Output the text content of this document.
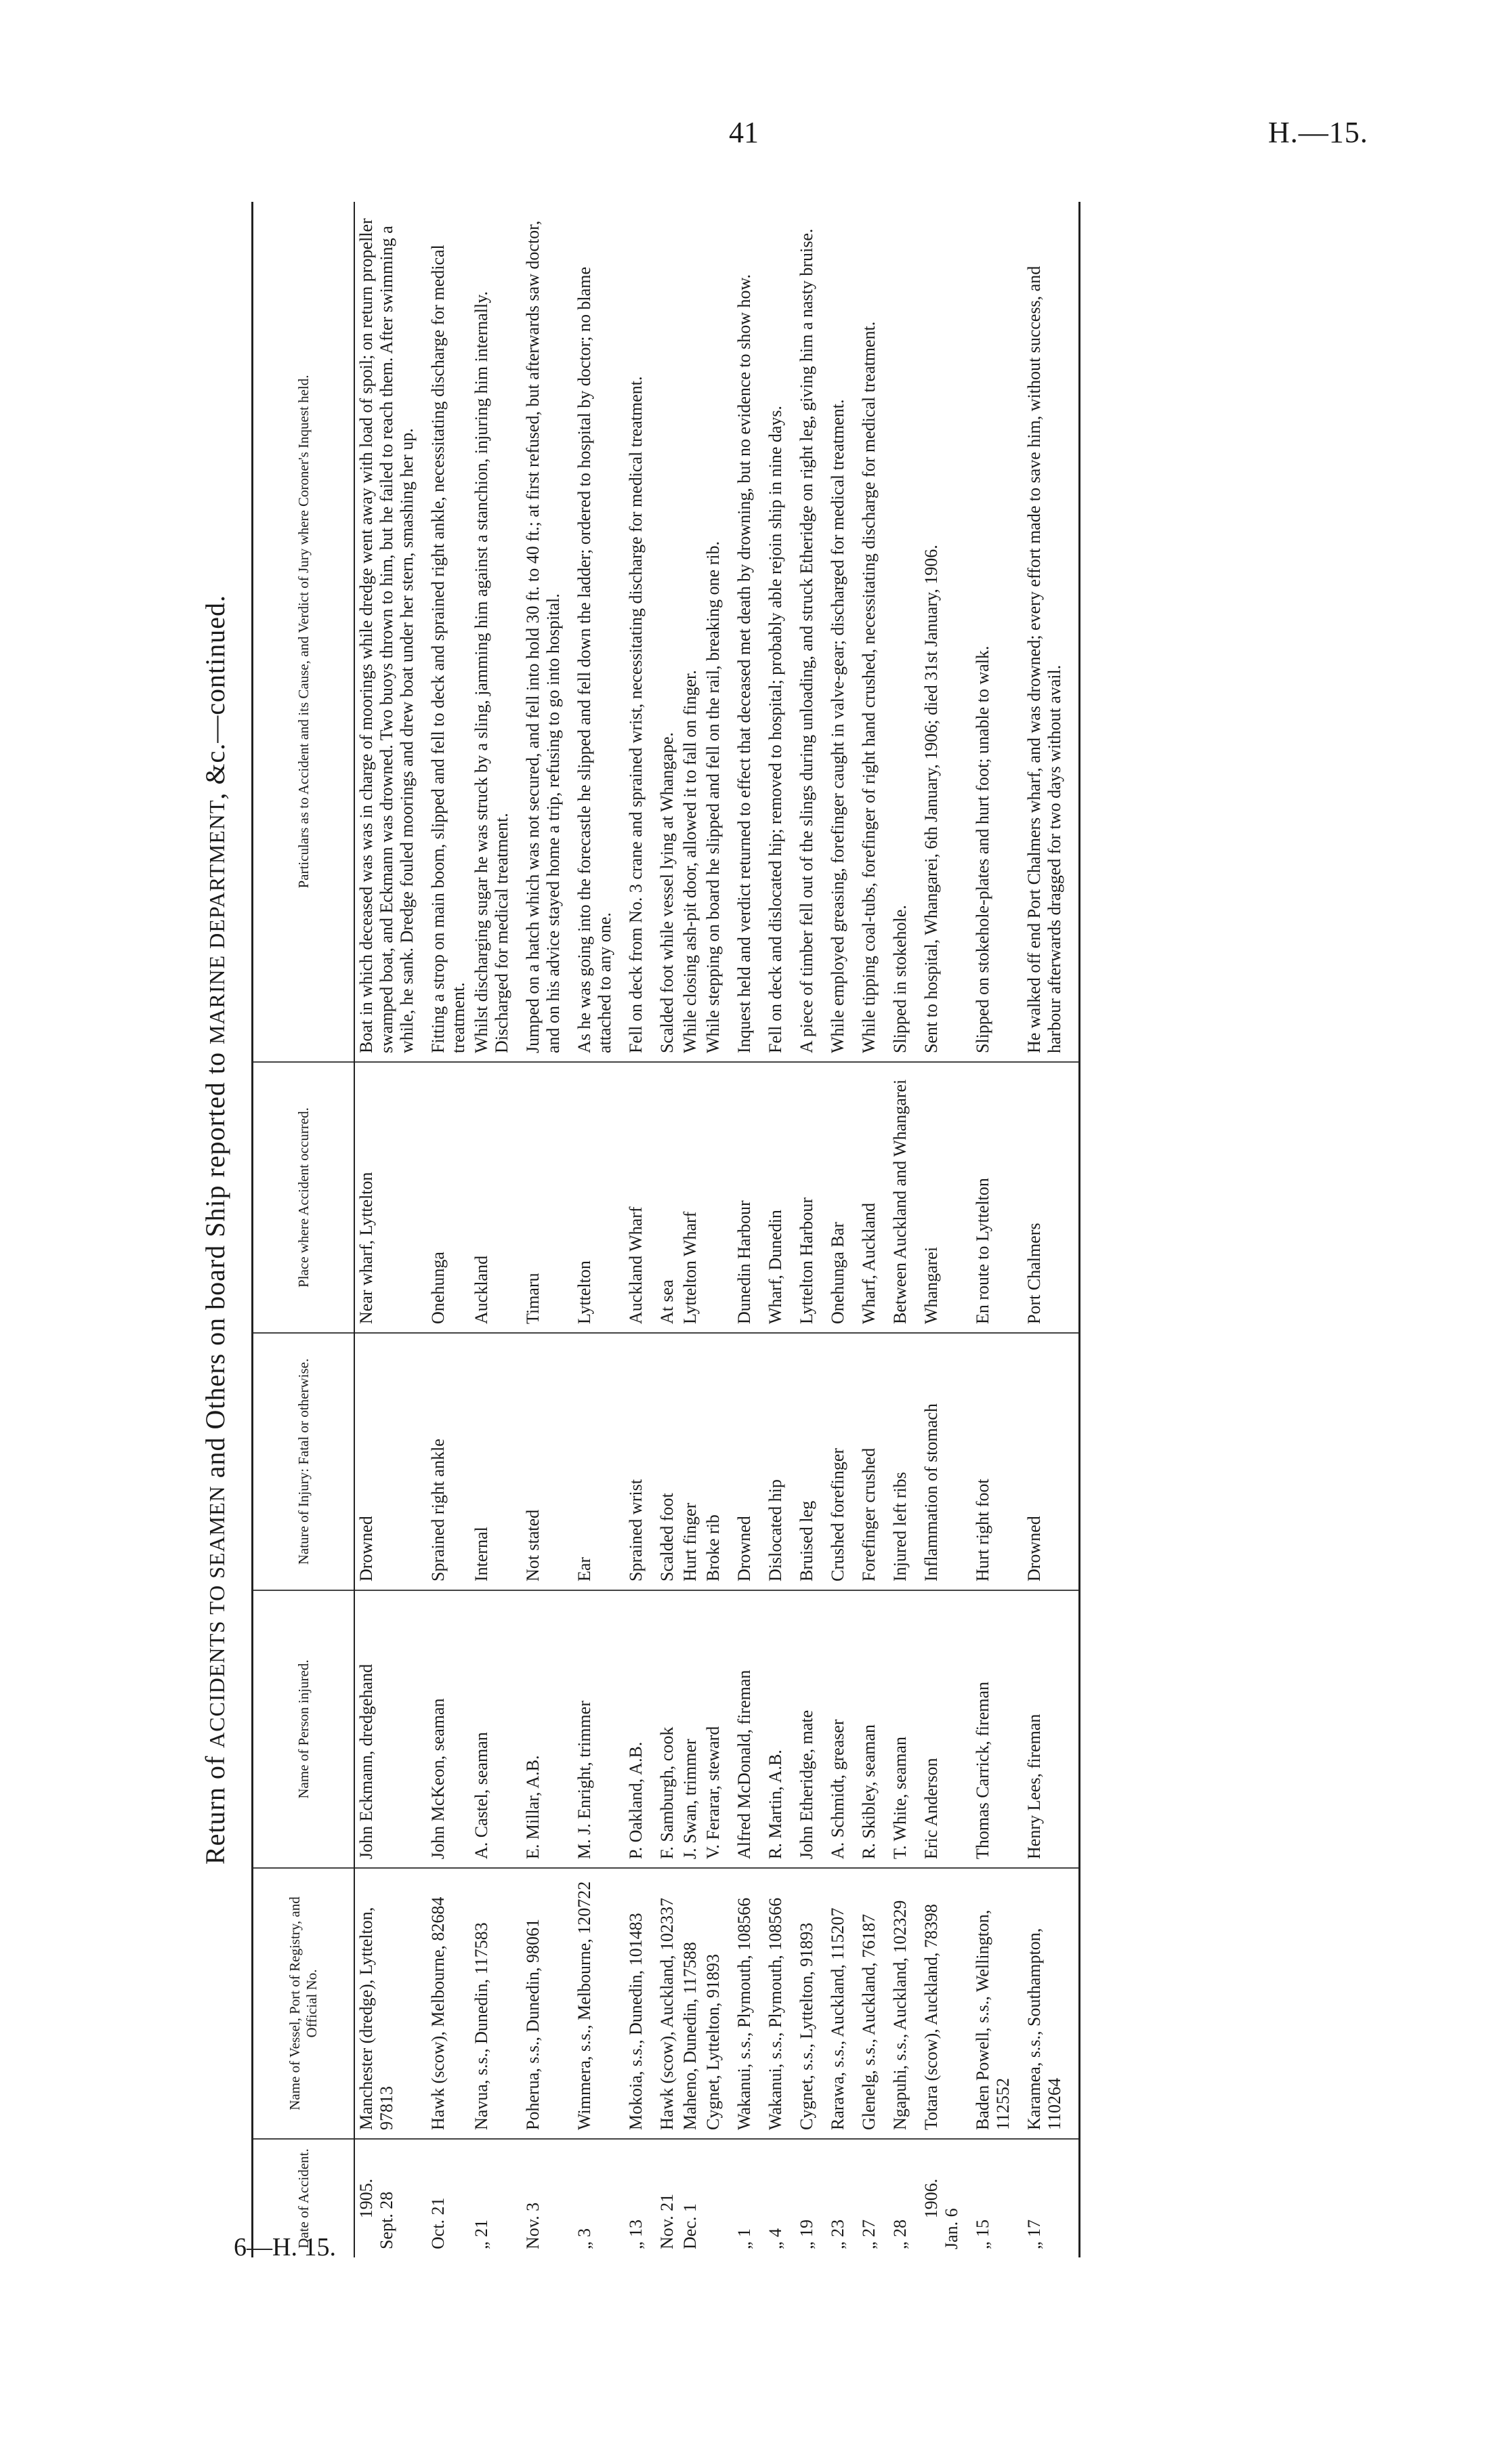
41	H.—15.
6—H. 15.
Return of ACCIDENTS TO SEAMEN and Others on board Ship reported to MARINE DEPARTMENT, &c.—continued.
Date of Accident.	Name of Vessel, Port of Registry, and Official No.	Name of Person injured.	Nature of Injury: Fatal or otherwise.	Place where Accident occurred.	Particulars as to Accident and its Cause, and Verdict of Jury where Coroner's Inquest held.

1905. Sept. 28	Manchester (dredge), Lyttelton, 97813	John Eckmann, dredgehand	Drowned	Near wharf, Lyttelton	Boat in which deceased was was in charge of moorings while dredge went away with load of spoil; on return propeller swamped boat, and Eckmann was drowned. Two buoys thrown to him, but he failed to reach them. After swimming a while, he sank. Dredge fouled moorings and drew boat under her stern, smashing her up.
Oct. 21	Hawk (scow), Melbourne, 82684	John McKeon, seaman	Sprained right ankle	Onehunga	Fitting a strop on main boom, slipped and fell to deck and sprained right ankle, necessitating discharge for medical treatment.
„ 21	Navua, s.s., Dunedin, 117583	A. Castel, seaman	Internal	Auckland	Whilst discharging sugar he was struck by a sling, jamming him against a stanchion, injuring him internally. Discharged for medical treatment.
Nov. 3	Poherua, s.s., Dunedin, 98061	E. Millar, A.B.	Not stated	Timaru	Jumped on a hatch which was not secured, and fell into hold 30 ft. to 40 ft.; at first refused, but afterwards saw doctor, and on his advice stayed home a trip, refusing to go into hospital.
„ 3	Wimmera, s.s., Melbourne, 120722	M. J. Enright, trimmer	Ear	Lyttelton	As he was going into the forecastle he slipped and fell down the ladder; ordered to hospital by doctor; no blame attached to any one.
„ 13	Mokoia, s.s., Dunedin, 101483	P. Oakland, A.B.	Sprained wrist	Auckland Wharf	Fell on deck from No. 3 crane and sprained wrist, necessitating discharge for medical treatment.
Nov. 21	Hawk (scow), Auckland, 102337	F. Samburgh, cook	Scalded foot	At sea	Scalded foot while vessel lying at Whangape.
Dec. 1	Maheno, Dunedin, 117588	J. Swan, trimmer	Hurt finger	Lyttelton Wharf	While closing ash-pit door, allowed it to fall on finger.
	Cygnet, Lyttelton, 91893	V. Ferarar, steward	Broke rib		While stepping on board he slipped and fell on the rail, breaking one rib.
„ 1	Wakanui, s.s., Plymouth, 108566	Alfred McDonald, fireman	Drowned	Dunedin Harbour	Inquest held and verdict returned to effect that deceased met death by drowning, but no evidence to show how.
„ 4	Wakanui, s.s., Plymouth, 108566	R. Martin, A.B.	Dislocated hip	Wharf, Dunedin	Fell on deck and dislocated hip; removed to hospital; probably able rejoin ship in nine days.
„ 19	Cygnet, s.s., Lyttelton, 91893	John Etheridge, mate	Bruised leg	Lyttelton Harbour	A piece of timber fell out of the slings during unloading, and struck Etheridge on right leg, giving him a nasty bruise.
„ 23	Rarawa, s.s., Auckland, 115207	A. Schmidt, greaser	Crushed forefinger	Onehunga Bar	While employed greasing, forefinger caught in valve-gear; discharged for medical treatment.
„ 27	Glenelg, s.s., Auckland, 76187	R. Skibley, seaman	Forefinger crushed	Wharf, Auckland	While tipping coal-tubs, forefinger of right hand crushed, necessitating discharge for medical treatment.
„ 28	Ngapuhi, s.s., Auckland, 102329	T. White, seaman	Injured left ribs	Between Auckland and Whangarei	Slipped in stokehole.

1906.
Jan. 6	Totara (scow), Auckland, 78398	Eric Anderson	Inflammation of stomach	Whangarei	Sent to hospital, Whangarei, 6th January, 1906; died 31st January, 1906.
„ 15	Baden Powell, s.s., Wellington, 112552	Thomas Carrick, fireman	Hurt right foot	En route to Lyttelton	Slipped on stokehole-plates and hurt foot; unable to walk.
„ 17	Karamea, s.s., Southampton, 110264	Henry Lees, fireman	Drowned	Port Chalmers	He walked off end Port Chalmers wharf, and was drowned; every effort made to save him, without success, and harbour afterwards dragged for two days without avail.
